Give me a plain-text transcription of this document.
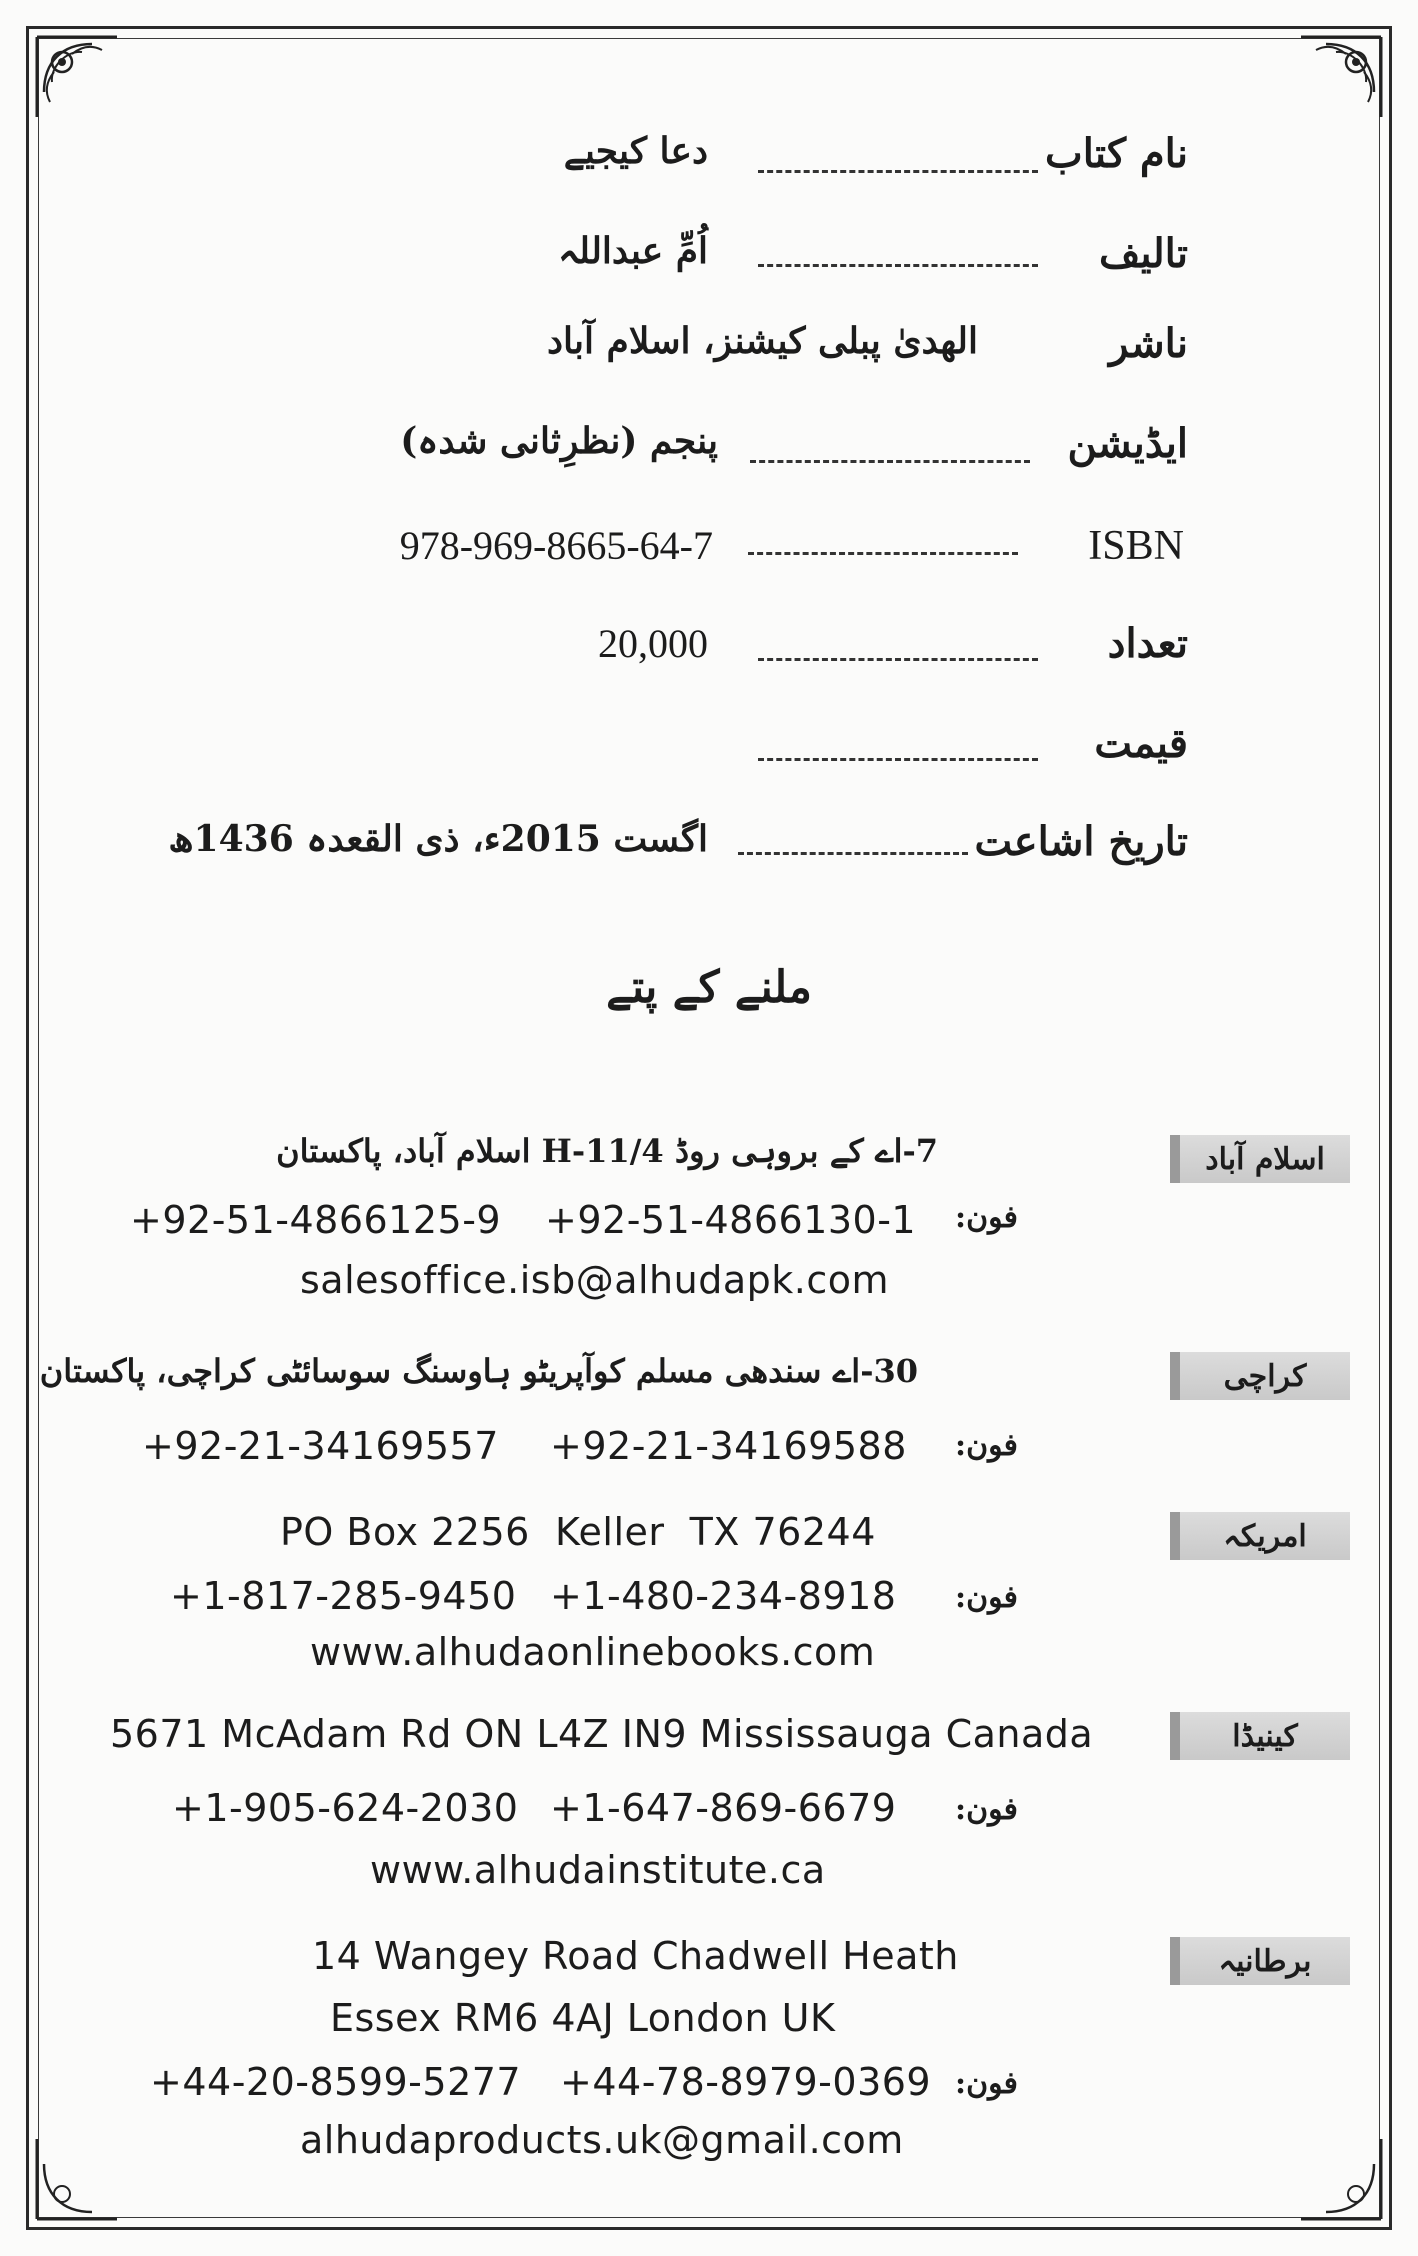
نام کتاب
دعا کیجیے
تالیف
اُمِّ عبداللہ
ناشر
الھدیٰ پبلی کیشنز، اسلام آباد
ایڈیشن
پنجم (نظرِثانی شدہ)
ISBN
978-969-8665-64-7
تعداد
20,000
قیمت
تاریخ اشاعت
اگست 2015ء، ذی القعدہ 1436ھ
ملنے کے پتے
اسلام آباد
7-اے کے بروہی روڈ H-11/4 اسلام آباد، پاکستان
فون:
+92-51-4866125-9 +92-51-4866130-1
salesoffice.isb@alhudapk.com
کراچی
30-اے سندھی مسلم کوآپریٹو ہاوسنگ سوسائٹی کراچی، پاکستان
فون:
+92-21-34169557 +92-21-34169588
امریکہ
PO Box 2256  Keller  TX 76244
فون:
+1-817-285-9450 +1-480-234-8918
www.alhudaonlinebooks.com
کینیڈا
5671 McAdam Rd ON L4Z IN9 Mississauga Canada
فون:
+1-905-624-2030 +1-647-869-6679
www.alhudainstitute.ca
برطانیہ
14 Wangey Road Chadwell Heath
Essex RM6 4AJ London UK
فون:
+44-20-8599-5277 +44-78-8979-0369
alhudaproducts.uk@gmail.com
